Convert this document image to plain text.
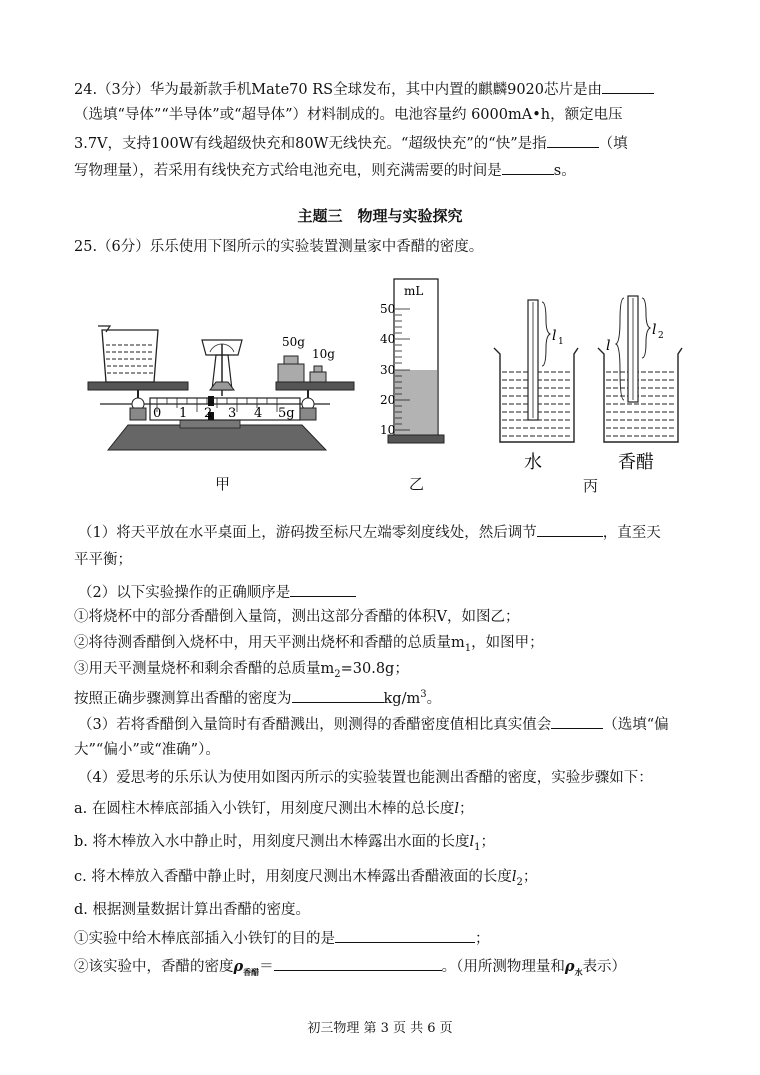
24.（3分）华为最新款手机Mate70 RS全球发布，其中内置的麒麟9020芯片是由
（选填“导体”“半导体”或“超导体”）材料制成的。电池容量约 6000mA•h，额定电压
3.7V，支持100W有线超级快充和80W无线快充。“超级快充”的“快”是指	（填
写物理量），若采用有线快充方式给电池充电，则充满需要的时间是	s。
主题三　物理与实验探究
25.（6分）乐乐使用下图所示的实验装置测量家中香醋的密度。
0 1 2 3 4 5g
50g
10g
甲
mL
50
40
30
20
10
乙
l 1
l 2
l
水	香醋
丙
（1）将天平放在水平桌面上，游码拨至标尺左端零刻度线处，然后调节	，直至天
平平衡；
（2）以下实验操作的正确顺序是
①将烧杯中的部分香醋倒入量筒，测出这部分香醋的体积V，如图乙；
②将待测香醋倒入烧杯中，用天平测出烧杯和香醋的总质量$m_1$，如图甲；
③用天平测量烧杯和剩余香醋的总质量$m_2=30.8g$；
按照正确步骤测算出香醋的密度为	$kg/m^3$。
（3）若将香醋倒入量筒时有香醋溅出，则测得的香醋密度值相比真实值会	（选填“偏
大”“偏小”或“准确”）。
（4）爱思考的乐乐认为使用如图丙所示的实验装置也能测出香醋的密度，实验步骤如下：
a. 在圆柱木棒底部插入小铁钉，用刻度尺测出木棒的总长度l；
b. 将木棒放入水中静止时，用刻度尺测出木棒露出水面的长度$l_1$；
c. 将木棒放入香醋中静止时，用刻度尺测出木棒露出香醋液面的长度$l_2$；
d. 根据测量数据计算出香醋的密度。
①实验中给木棒底部插入小铁钉的目的是	；
②该实验中，香醋的密度$\rho_{香醋}=$	。（用所测物理量和$\rho_水$表示）
初三物理 第 3 页 共 6 页
